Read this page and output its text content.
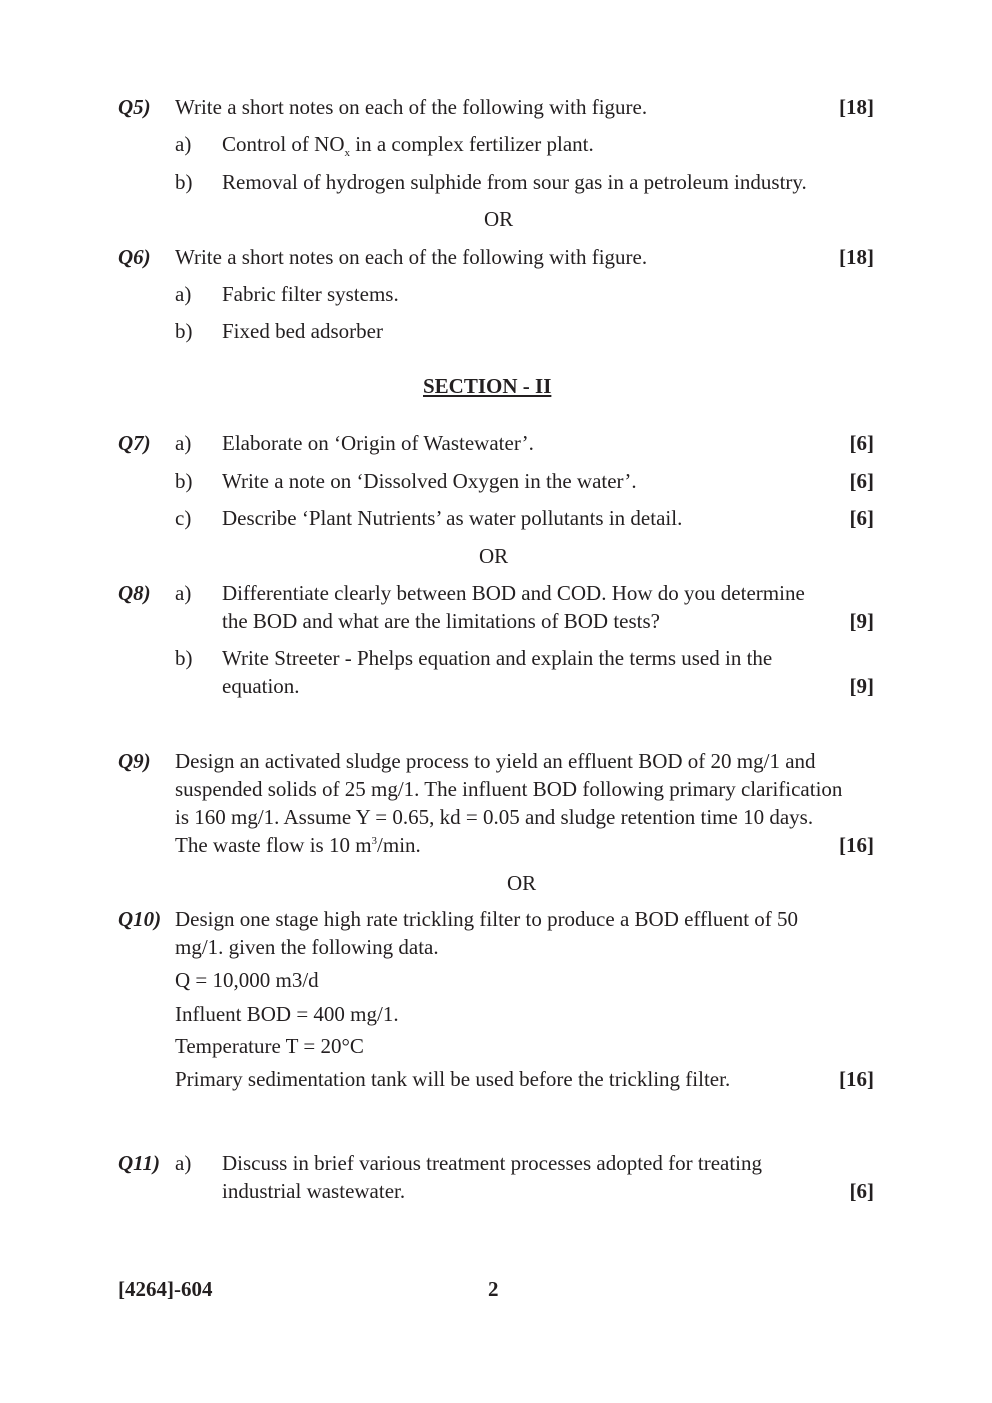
Q5) Write a short notes on each of the following with figure.	[18]
a) Control of $NO_x$ in a complex fertilizer plant.
b) Removal of hydrogen sulphide from sour gas in a petroleum industry.
OR
Q6) Write a short notes on each of the following with figure.	[18]
a) Fabric filter systems.
b) Fixed bed adsorber
SECTION - II
Q7) a) Elaborate on ‘Origin of Wastewater’.	[6]
b) Write a note on ‘Dissolved Oxygen in the water’.	[6]
c) Describe ‘Plant Nutrients’ as water pollutants in detail.	[6]
OR
Q8) a) Differentiate clearly between BOD and COD. How do you determine
the BOD and what are the limitations of BOD tests?	[9]
b) Write Streeter - Phelps equation and explain the terms used in the
equation.	[9]
Q9) Design an activated sludge process to yield an effluent BOD of 20 mg/1 and
suspended solids of 25 mg/1. The influent BOD following primary clarification
is 160 mg/1. Assume Y = 0.65, kd = 0.05 and sludge retention time 10 days.
The waste flow is 10 $m^3/\min$.	[16]
OR
Q10) Design one stage high rate trickling filter to produce a BOD effluent of 50
mg/1. given the following data.
Q = 10,000 m3/d
Influent BOD = 400 mg/1.
Temperature T = 20°C
Primary sedimentation tank will be used before the trickling filter.	[16]
Q11) a) Discuss in brief various treatment processes adopted for treating
industrial wastewater.	[6]
[4264]-604	2
